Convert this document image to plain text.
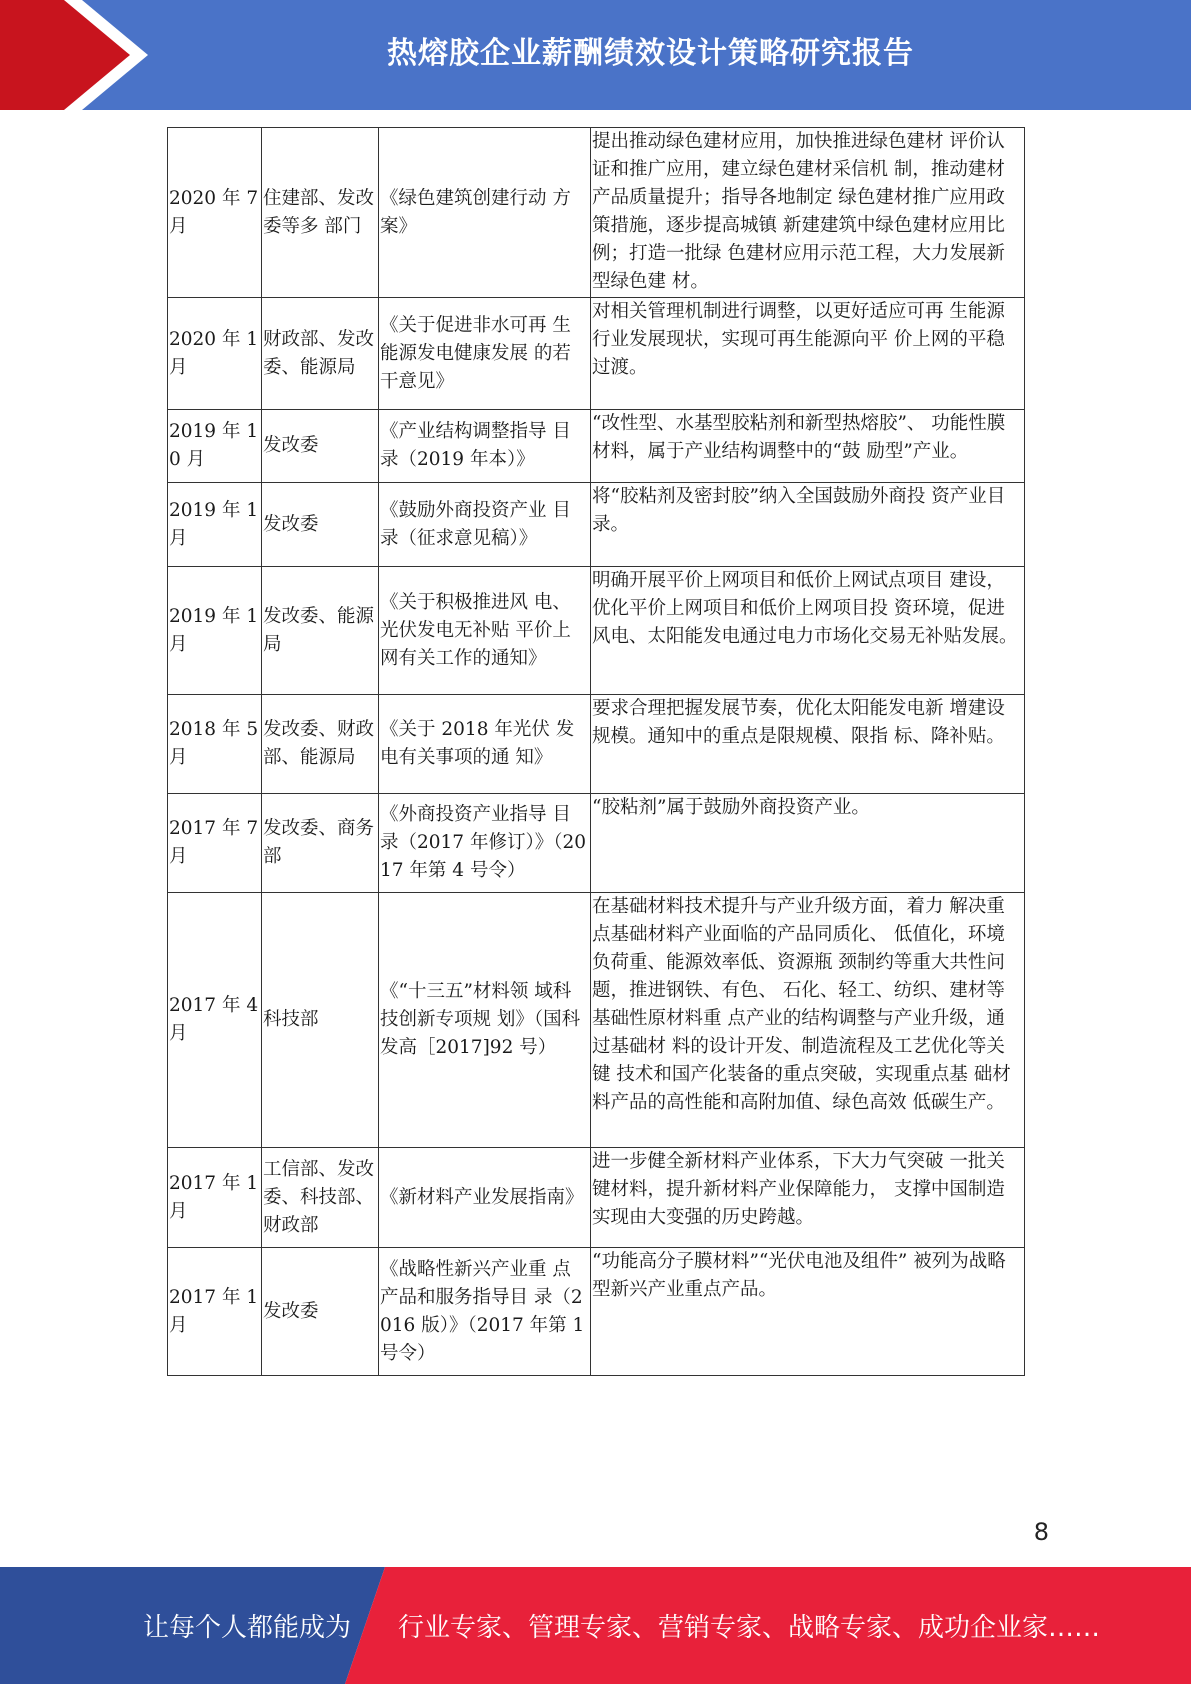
热熔胶企业薪酬绩效设计策略研究报告
2020 年 7 月	住建部、发改委等多 部门	《绿色建筑创建行动 方案》	提出推动绿色建材应用，加快推进绿色建材 评价认证和推广应用，建立绿色建材采信机 制，推动建材产品质量提升；指导各地制定 绿色建材推广应用政策措施，逐步提高城镇 新建建筑中绿色建材应用比例；打造一批绿 色建材应用示范工程，大力发展新型绿色建 材。
2020 年 1 月	财政部、发改委、能源局	《关于促进非水可再 生能源发电健康发展 的若干意见》	对相关管理机制进行调整，以更好适应可再 生能源行业发展现状，实现可再生能源向平 价上网的平稳过渡。
2019 年 10 月	发改委	《产业结构调整指导 目录（2019 年本）》	“改性型、水基型胶粘剂和新型热熔胶”、 功能性膜材料，属于产业结构调整中的“鼓 励型”产业。
2019 年 1 月	发改委	《鼓励外商投资产业 目录（征求意见稿）》	将“胶粘剂及密封胶”纳入全国鼓励外商投 资产业目录。
2019 年 1 月	发改委、能源局	《关于积极推进风 电、光伏发电无补贴 平价上网有关工作的通知》	明确开展平价上网项目和低价上网试点项目 建设，优化平价上网项目和低价上网项目投 资环境，促进风电、太阳能发电通过电力市场化交易无补贴发展。
2018 年 5 月	发改委、财政部、能源局	《关于 2018 年光伏 发电有关事项的通 知》	要求合理把握发展节奏，优化太阳能发电新 增建设规模。通知中的重点是限规模、限指 标、降补贴。
2017 年 7 月	发改委、商务部	《外商投资产业指导 目录（2017 年修订）》（2017 年第 4 号令）	“胶粘剂”属于鼓励外商投资产业。
2017 年 4 月	科技部	《“十三五”材料领 域科技创新专项规 划》（国科发高［2017]92 号）	在基础材料技术提升与产业升级方面，着力 解决重点基础材料产业面临的产品同质化、 低值化，环境负荷重、能源效率低、资源瓶 颈制约等重大共性问题，推进钢铁、有色、 石化、轻工、纺织、建材等基础性原材料重 点产业的结构调整与产业升级，通过基础材 料的设计开发、制造流程及工艺优化等关键 技术和国产化装备的重点突破，实现重点基 础材料产品的高性能和高附加值、绿色高效 低碳生产。
2017 年 1 月	工信部、发改委、科技部、财政部	《新材料产业发展指南》	进一步健全新材料产业体系，下大力气突破 一批关键材料，提升新材料产业保障能力， 支撑中国制造实现由大变强的历史跨越。
2017 年 1 月	发改委	《战略性新兴产业重 点产品和服务指导目 录（2016 版）》（2017 年第 1 号令）	“功能高分子膜材料”“光伏电池及组件” 被列为战略型新兴产业重点产品。
8
让每个人都能成为 行业专家、管理专家、营销专家、战略专家、成功企业家……
